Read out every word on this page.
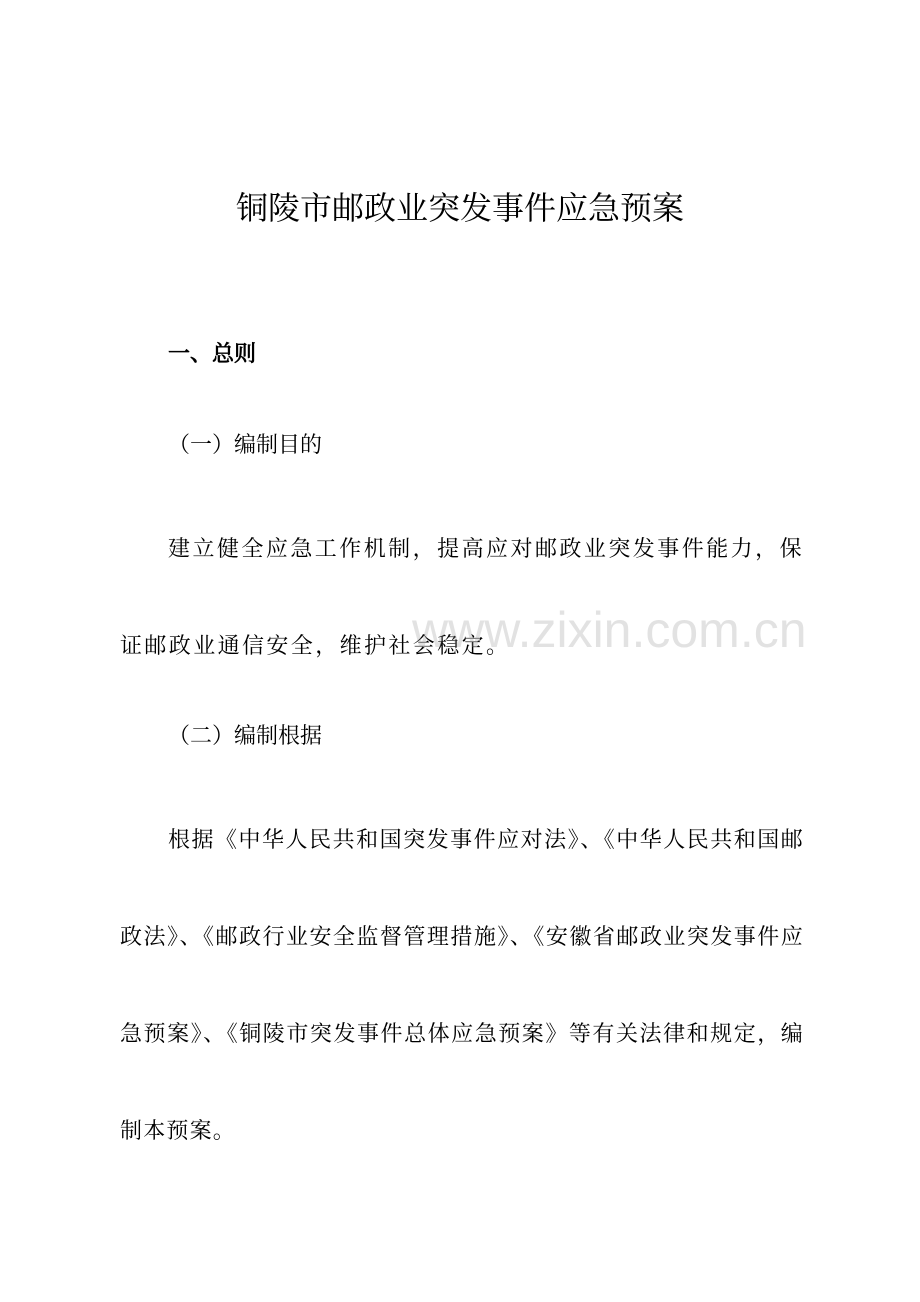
铜陵市邮政业突发事件应急预案
一、总则
（一）编制目的

建立健全应急工作机制，提高应对邮政业突发事件能力，保证邮政业通信安全，维护社会稳定。

（二）编制根据

根据《中华人民共和国突发事件应对法》、《中华人民共和国邮政法》、《邮政行业安全监督管理措施》、《安徽省邮政业突发事件应急预案》、《铜陵市突发事件总体应急预案》等有关法律和规定，编制本预案。

www.zixin.com.cn
